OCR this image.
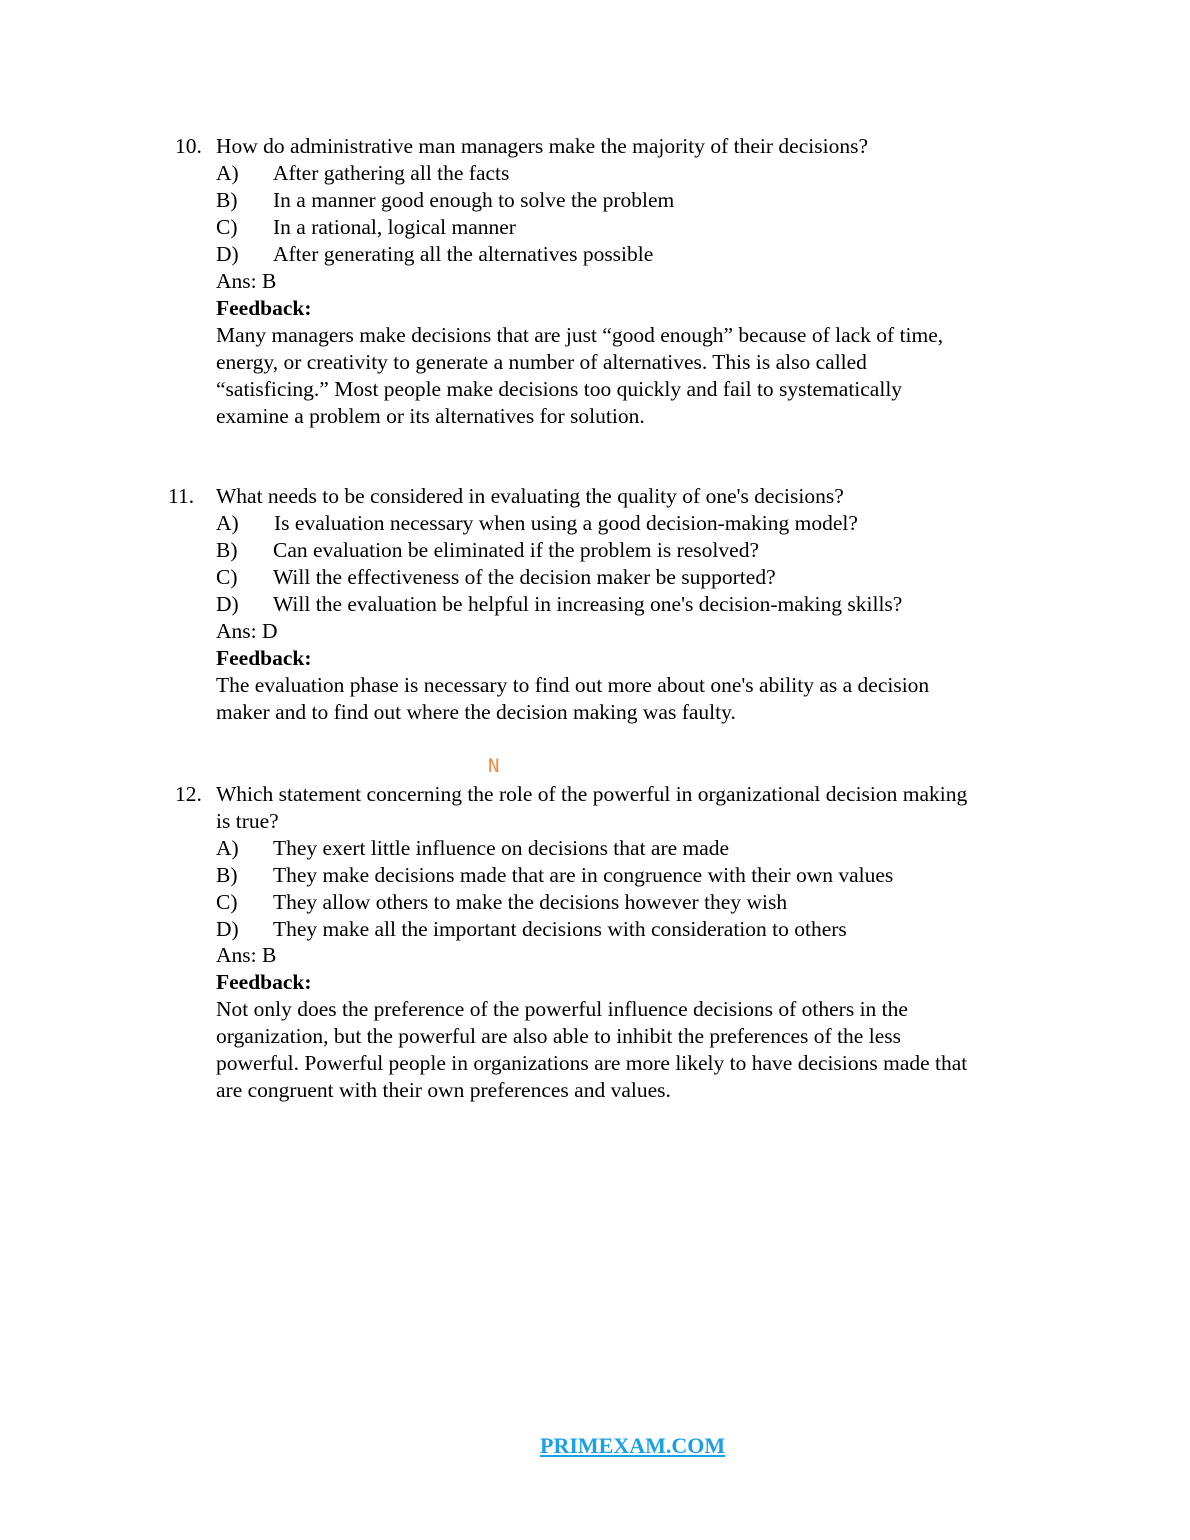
10. How do administrative man managers make the majority of their decisions?
A) After gathering all the facts
B) In a manner good enough to solve the problem
C) In a rational, logical manner
D) After generating all the alternatives possible
Ans: B
Feedback:
Many managers make decisions that are just “good enough” because of lack of time,
energy, or creativity to generate a number of alternatives. This is also called
“satisficing.” Most people make decisions too quickly and fail to systematically
examine a problem or its alternatives for solution.
11. What needs to be considered in evaluating the quality of one's decisions?
A) Is evaluation necessary when using a good decision-making model?
B) Can evaluation be eliminated if the problem is resolved?
C) Will the effectiveness of the decision maker be supported?
D) Will the evaluation be helpful in increasing one's decision-making skills?
Ans: D
Feedback:
The evaluation phase is necessary to find out more about one's ability as a decision
maker and to find out where the decision making was faulty.
N
12. Which statement concerning the role of the powerful in organizational decision making
is true?
A) They exert little influence on decisions that are made
B) They make decisions made that are in congruence with their own values
C) They allow others to make the decisions however they wish
D) They make all the important decisions with consideration to others
Ans: B
Feedback:
Not only does the preference of the powerful influence decisions of others in the
organization, but the powerful are also able to inhibit the preferences of the less
powerful. Powerful people in organizations are more likely to have decisions made that
are congruent with their own preferences and values.
PRIMEXAM.COM
